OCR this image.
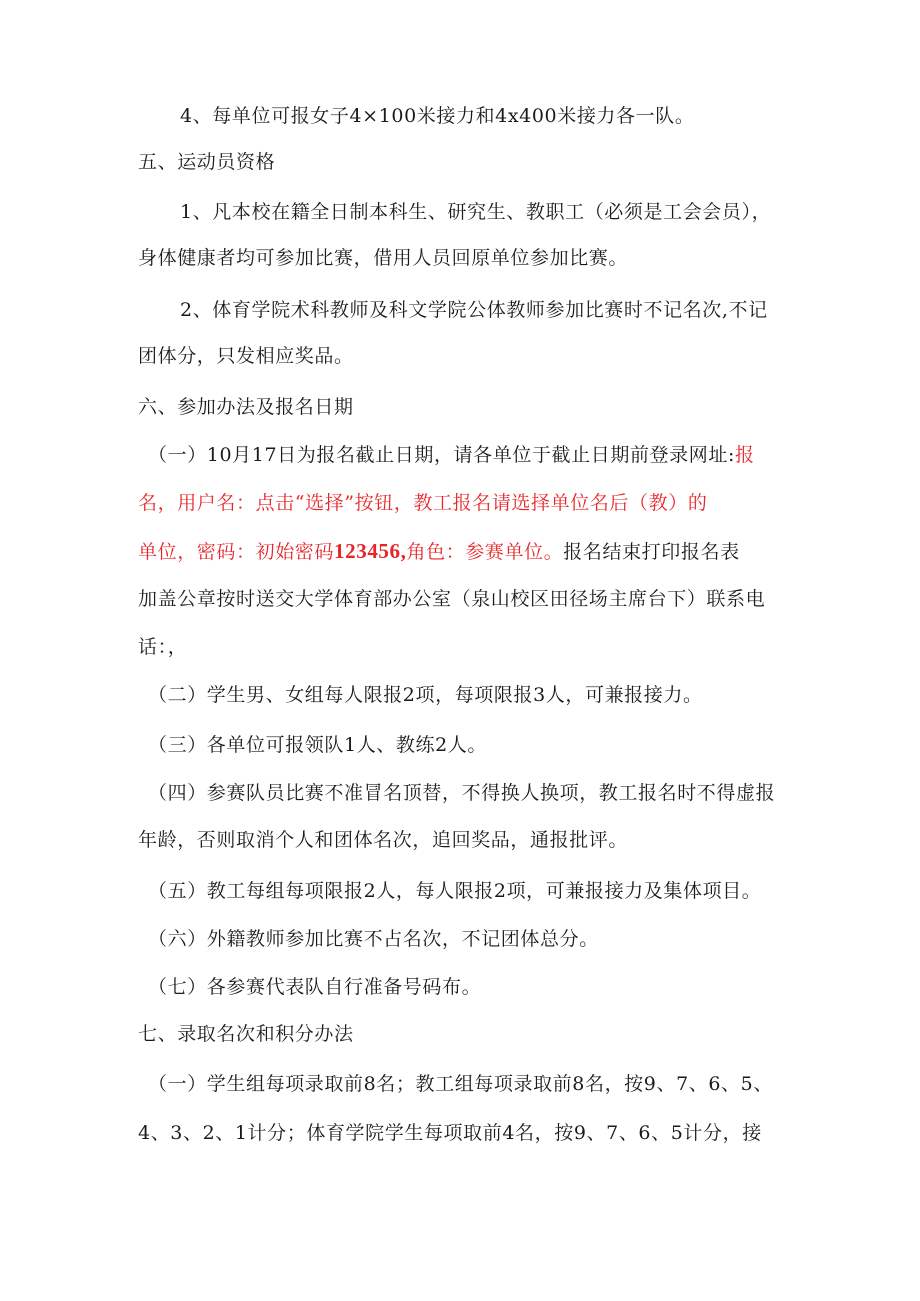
4、每单位可报女子4×100米接力和4x400米接力各一队。
五、运动员资格
1、凡本校在籍全日制本科生、研究生、教职工（必须是工会会员），
身体健康者均可参加比赛，借用人员回原单位参加比赛。
2、体育学院术科教师及科文学院公体教师参加比赛时不记名次,不记
团体分，只发相应奖品。
六、参加办法及报名日期
（一）10月17日为报名截止日期，请各单位于截止日期前登录网址:报
名，用户名：点击“选择”按钮，教工报名请选择单位名后（教）的
单位，密码：初始密码123456,角色：参赛单位。报名结束打印报名表
加盖公章按时送交大学体育部办公室（泉山校区田径场主席台下）联系电
话：，
（二）学生男、女组每人限报2项，每项限报3人，可兼报接力。
（三）各单位可报领队1人、教练2人。
（四）参赛队员比赛不准冒名顶替，不得换人换项，教工报名时不得虚报
年龄，否则取消个人和团体名次，追回奖品，通报批评。
（五）教工每组每项限报2人，每人限报2项，可兼报接力及集体项目。
（六）外籍教师参加比赛不占名次，不记团体总分。
（七）各参赛代表队自行准备号码布。
七、录取名次和积分办法
（一）学生组每项录取前8名；教工组每项录取前8名，按9、7、6、5、
4、3、2、1计分；体育学院学生每项取前4名，按9、7、6、5计分，接
